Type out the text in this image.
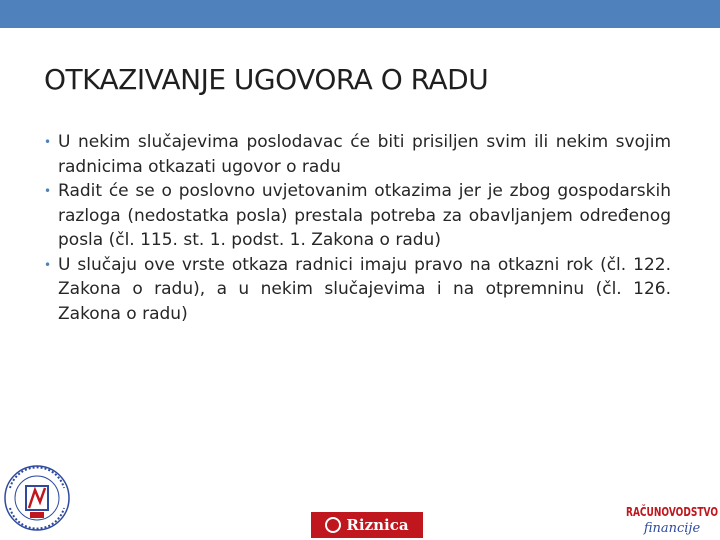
OTKAZIVANJE UGOVORA O RADU
• U nekim slučajevima poslodavac će biti prisiljen svim ili nekim svojim radnicima otkazati ugovor o radu
• Radit će se o poslovno uvjetovanim otkazima jer je zbog gospodarskih razloga (nedostatka posla) prestala potreba za obavljanjem određenog posla (čl. 115. st. 1. podst. 1. Zakona o radu)
• U slučaju ove vrste otkaza radnici imaju pravo na otkazni rok (čl. 122. Zakona o radu), a u nekim slučajevima i na otpremninu (čl. 126. Zakona o radu)
Riznica
RAČUNOVODSTVO
financije
